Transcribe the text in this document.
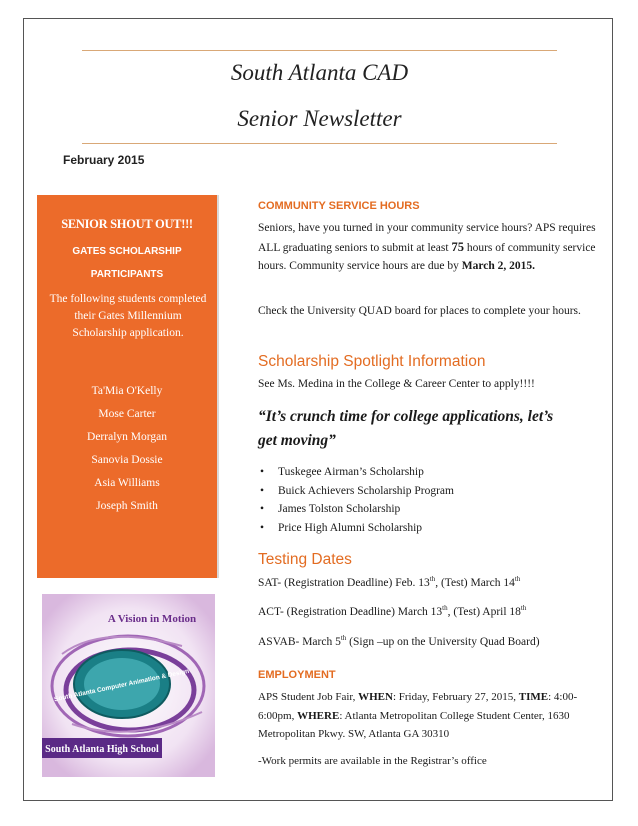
South Atlanta CAD
Senior Newsletter
February 2015
SENIOR SHOUT OUT!!!
GATES SCHOLARSHIP
PARTICIPANTS
The following students completed their Gates Millennium Scholarship application.
Ta'Mia O'Kelly
Mose Carter
Derralyn Morgan
Sanovia Dossie
Asia Williams
Joseph Smith
A Vision in Motion
South Atlanta Computer Animation & Design
South Atlanta High School
COMMUNITY SERVICE HOURS
Seniors, have you turned in your community service hours? APS requires ALL graduating seniors to submit at least 75 hours of community service hours. Community service hours are due by March 2, 2015.
Check the University QUAD board for places to complete your hours.
Scholarship Spotlight Information
See Ms. Medina in the College & Career Center to apply!!!!
“It’s crunch time for college applications, let’s get moving”
• Tuskegee Airman’s Scholarship
• Buick Achievers Scholarship Program
• James Tolston Scholarship
• Price High Alumni Scholarship
Testing Dates
SAT- (Registration Deadline) Feb. 13th, (Test) March 14th
ACT- (Registration Deadline) March 13th, (Test) April 18th
ASVAB- March 5th (Sign –up on the University Quad Board)
EMPLOYMENT
APS Student Job Fair, WHEN: Friday, February 27, 2015, TIME: 4:00-6:00pm, WHERE: Atlanta Metropolitan College Student Center, 1630 Metropolitan Pkwy. SW, Atlanta GA 30310
-Work permits are available in the Registrar’s office
